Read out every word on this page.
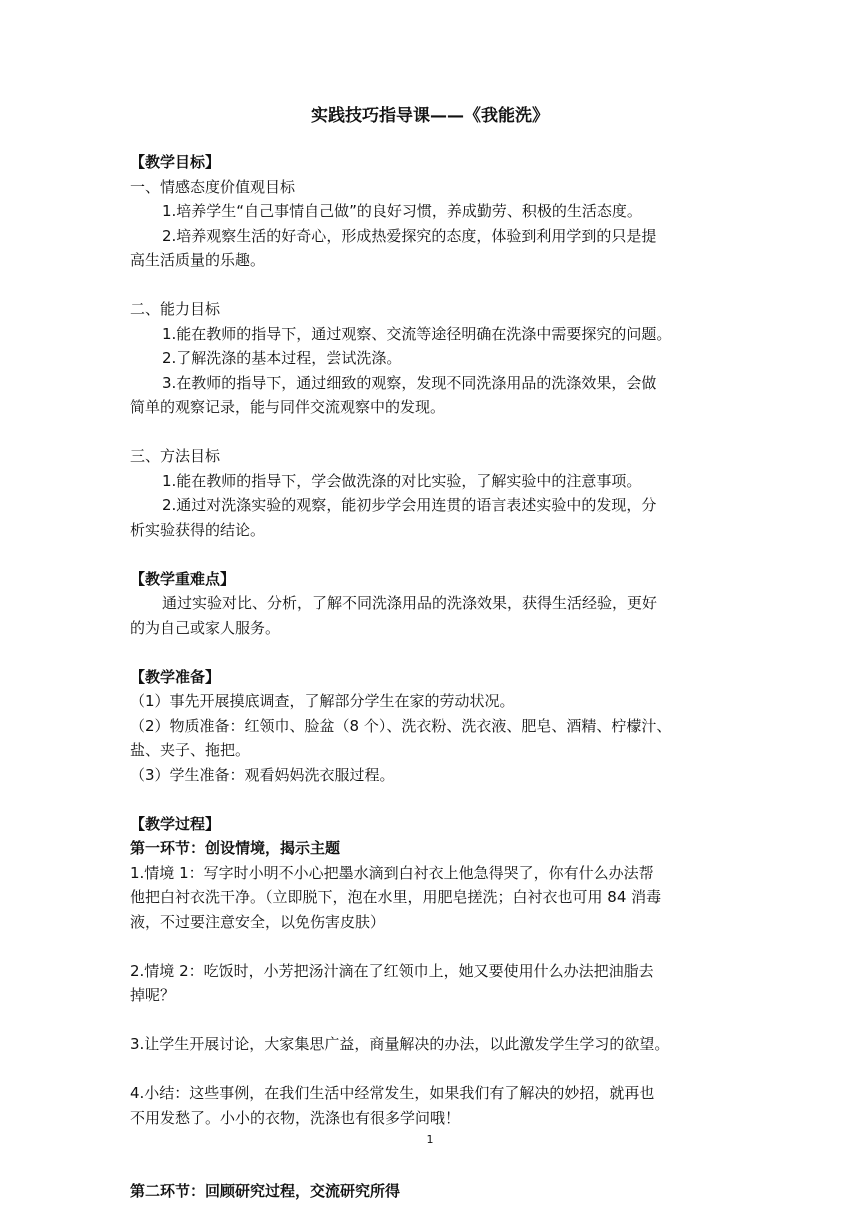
实践技巧指导课——《我能洗》
【教学目标】
一、情感态度价值观目标
1.培养学生“自己事情自己做”的良好习惯，养成勤劳、积极的生活态度。
2.培养观察生活的好奇心，形成热爱探究的态度，体验到利用学到的只是提
高生活质量的乐趣。
二、能力目标
1.能在教师的指导下，通过观察、交流等途径明确在洗涤中需要探究的问题。
2.了解洗涤的基本过程，尝试洗涤。
3.在教师的指导下，通过细致的观察，发现不同洗涤用品的洗涤效果，会做
简单的观察记录，能与同伴交流观察中的发现。
三、方法目标
1.能在教师的指导下，学会做洗涤的对比实验，了解实验中的注意事项。
2.通过对洗涤实验的观察，能初步学会用连贯的语言表述实验中的发现，分
析实验获得的结论。
【教学重难点】
通过实验对比、分析，了解不同洗涤用品的洗涤效果，获得生活经验，更好
的为自己或家人服务。
【教学准备】
（1）事先开展摸底调查，了解部分学生在家的劳动状况。
（2）物质准备：红领巾、脸盆（8 个）、洗衣粉、洗衣液、肥皂、酒精、柠檬汁、
盐、夹子、拖把。
（3）学生准备：观看妈妈洗衣服过程。
【教学过程】
第一环节：创设情境，揭示主题
1.情境 1：写字时小明不小心把墨水滴到白衬衣上他急得哭了，你有什么办法帮
他把白衬衣洗干净。（立即脱下，泡在水里，用肥皂搓洗；白衬衣也可用 84 消毒
液，不过要注意安全，以免伤害皮肤）
2.情境 2：吃饭时，小芳把汤汁滴在了红领巾上，她又要使用什么办法把油脂去
掉呢？
3.让学生开展讨论，大家集思广益，商量解决的办法，以此激发学生学习的欲望。
4.小结：这些事例，在我们生活中经常发生，如果我们有了解决的妙招，就再也
不用发愁了。小小的衣物，洗涤也有很多学问哦！
第二环节：回顾研究过程，交流研究所得
1
